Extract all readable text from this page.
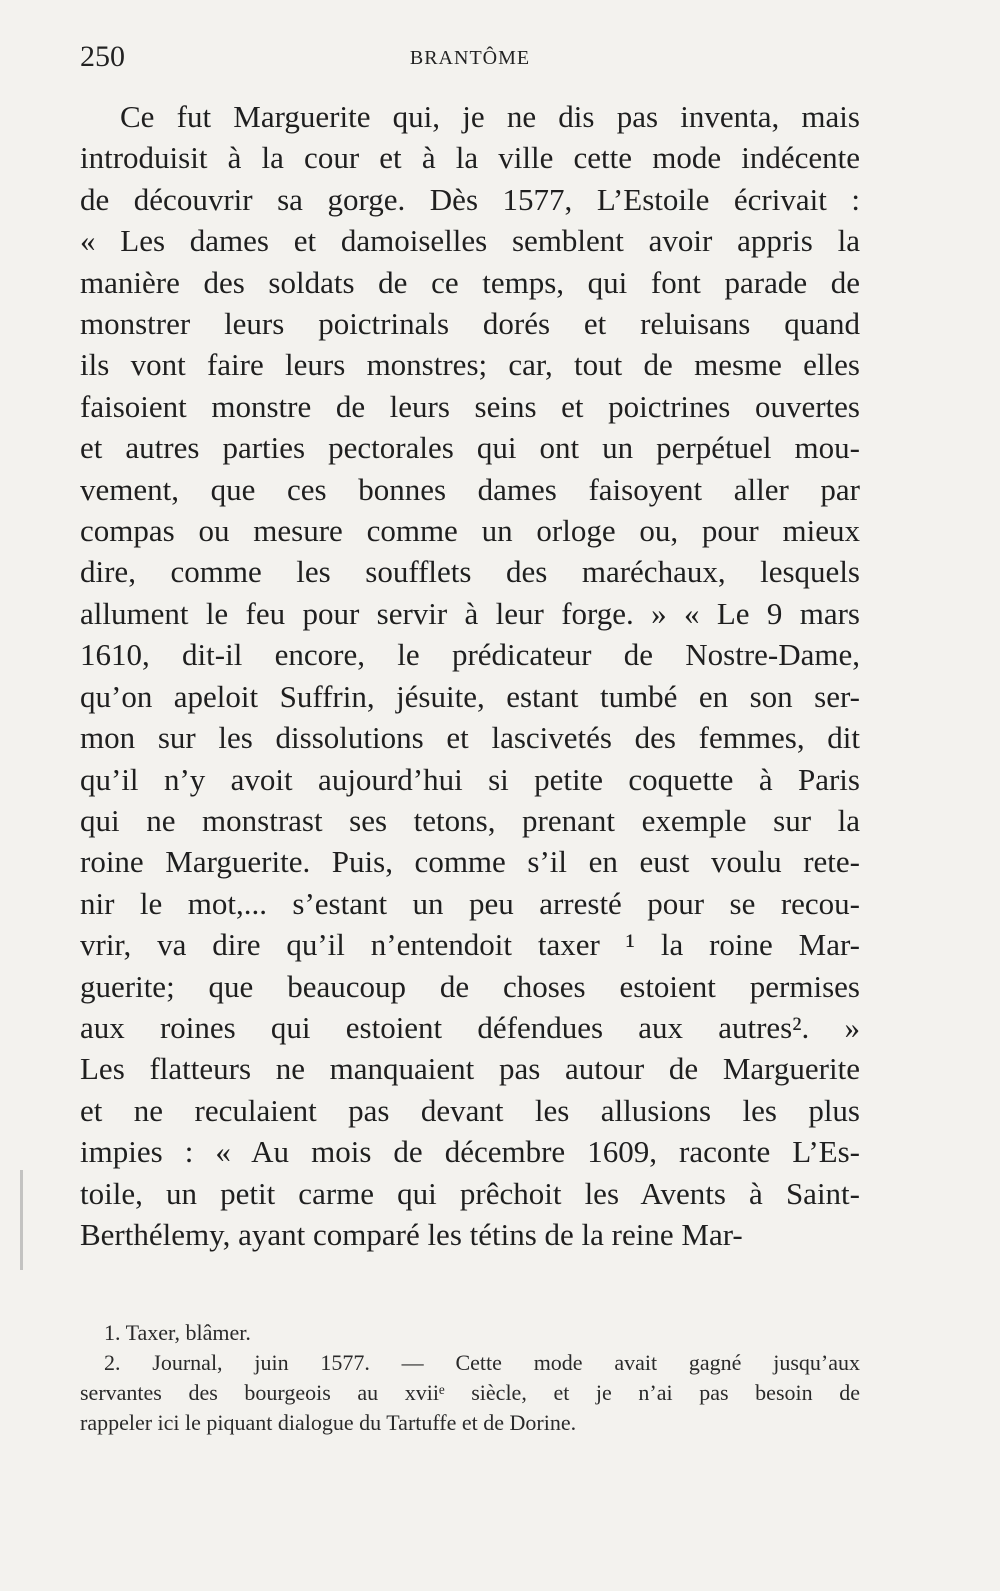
250	BRANTÔME
Ce fut Marguerite qui, je ne dis pas inventa, mais
introduisit à la cour et à la ville cette mode indécente
de découvrir sa gorge. Dès 1577, L’Estoile écrivait :
« Les dames et damoiselles semblent avoir appris la
manière des soldats de ce temps, qui font parade de
monstrer leurs poictrinals dorés et reluisans quand
ils vont faire leurs monstres; car, tout de mesme elles
faisoient monstre de leurs seins et poictrines ouvertes
et autres parties pectorales qui ont un perpétuel mou-
vement, que ces bonnes dames faisoyent aller par
compas ou mesure comme un orloge ou, pour mieux
dire, comme les soufflets des maréchaux, lesquels
allument le feu pour servir à leur forge. » « Le 9 mars
1610, dit-il encore, le prédicateur de Nostre-Dame,
qu’on apeloit Suffrin, jésuite, estant tumbé en son ser-
mon sur les dissolutions et lascivetés des femmes, dit
qu’il n’y avoit aujourd’hui si petite coquette à Paris
qui ne monstrast ses tetons, prenant exemple sur la
roine Marguerite. Puis, comme s’il en eust voulu rete-
nir le mot,... s’estant un peu arresté pour se recou-
vrir, va dire qu’il n’entendoit taxer ¹ la roine Mar-
guerite; que beaucoup de choses estoient permises
aux roines qui estoient défendues aux autres². »
Les flatteurs ne manquaient pas autour de Marguerite
et ne reculaient pas devant les allusions les plus
impies : « Au mois de décembre 1609, raconte L’Es-
toile, un petit carme qui prêchoit les Avents à Saint-
Berthélemy, ayant comparé les tétins de la reine Mar-
1. Taxer, blâmer.
2. Journal, juin 1577. — Cette mode avait gagné jusqu’aux
servantes des bourgeois au xviiᵉ siècle, et je n’ai pas besoin de
rappeler ici le piquant dialogue du Tartuffe et de Dorine.
